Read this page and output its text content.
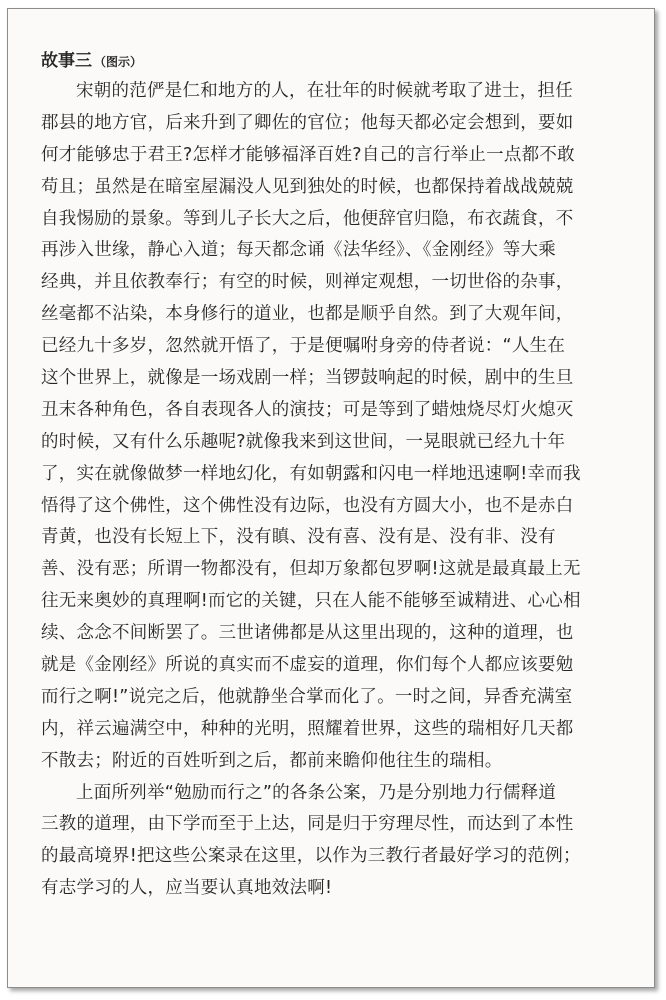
故事三 （图示）
宋朝的范俨是仁和地方的人，在壮年的时候就考取了进士，担任
郡县的地方官，后来升到了卿佐的官位；他每天都必定会想到，要如
何才能够忠于君王?怎样才能够福泽百姓?自己的言行举止一点都不敢
苟且；虽然是在暗室屋漏没人见到独处的时候，也都保持着战战兢兢
自我惕励的景象。等到儿子长大之后，他便辞官归隐，布衣蔬食，不
再涉入世缘，静心入道；每天都念诵《法华经》、《金刚经》等大乘
经典，并且依教奉行；有空的时候，则禅定观想，一切世俗的杂事，
丝毫都不沾染，本身修行的道业，也都是顺乎自然。到了大观年间，
已经九十多岁，忽然就开悟了，于是便嘱咐身旁的侍者说：“人生在
这个世界上，就像是一场戏剧一样；当锣鼓响起的时候，剧中的生旦
丑末各种角色，各自表现各人的演技；可是等到了蜡烛烧尽灯火熄灭
的时候，又有什么乐趣呢?就像我来到这世间，一晃眼就已经九十年
了，实在就像做梦一样地幻化，有如朝露和闪电一样地迅速啊!幸而我
悟得了这个佛性，这个佛性没有边际，也没有方圆大小，也不是赤白
青黄，也没有长短上下，没有瞋、没有喜、没有是、没有非、没有
善、没有恶；所谓一物都没有，但却万象都包罗啊!这就是最真最上无
往无来奥妙的真理啊!而它的关键，只在人能不能够至诚精进、心心相
续、念念不间断罢了。三世诸佛都是从这里出现的，这种的道理，也
就是《金刚经》所说的真实而不虚妄的道理，你们每个人都应该要勉
而行之啊!”说完之后，他就静坐合掌而化了。一时之间，异香充满室
内，祥云遍满空中，种种的光明，照耀着世界，这些的瑞相好几天都
不散去；附近的百姓听到之后，都前来瞻仰他往生的瑞相。
上面所列举“勉励而行之”的各条公案，乃是分别地力行儒释道
三教的道理，由下学而至于上达，同是归于穷理尽性，而达到了本性
的最高境界!把这些公案录在这里，以作为三教行者最好学习的范例；
有志学习的人，应当要认真地效法啊!
